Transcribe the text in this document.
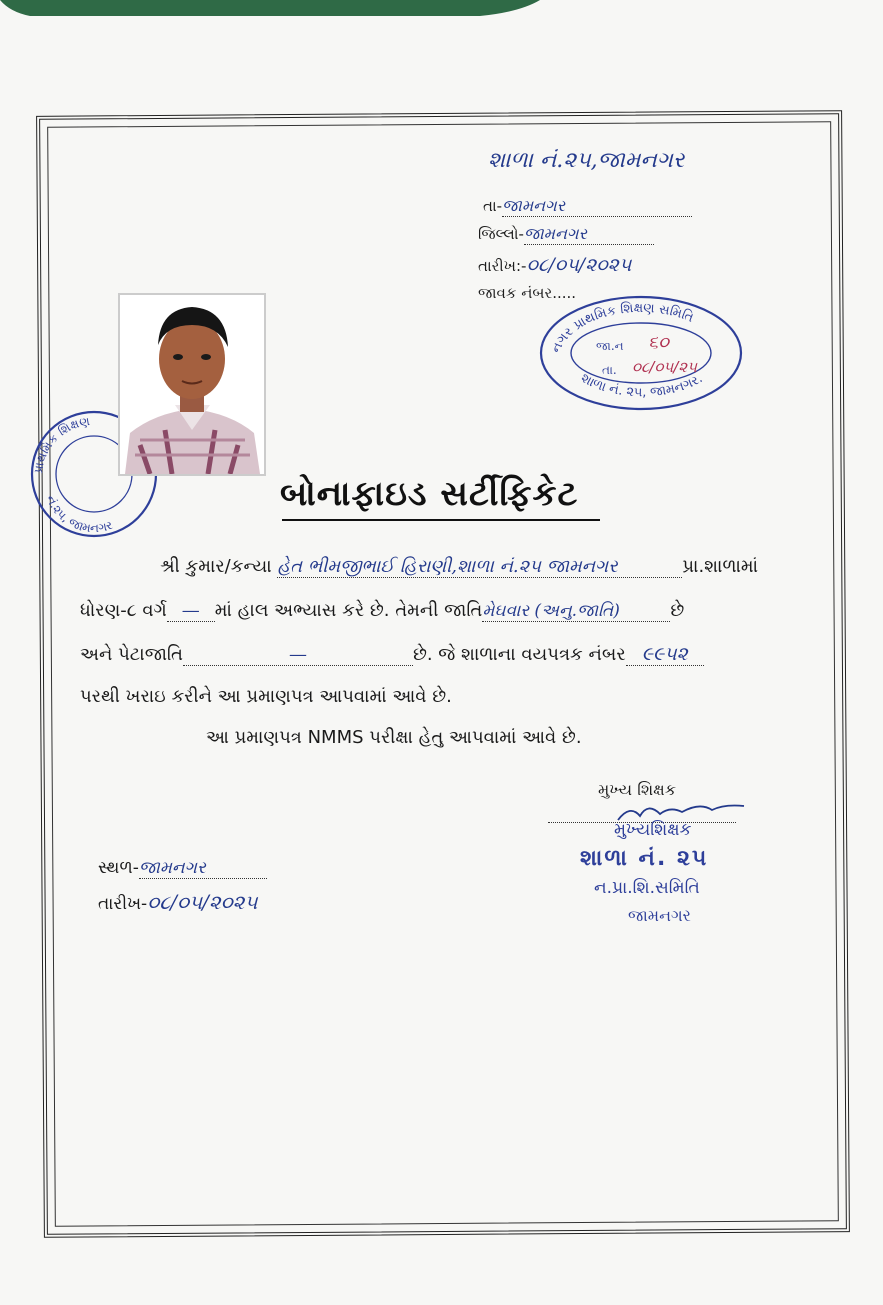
શાળા નં.૨૫,જામનગર
તા-જામનગર
જિલ્લો-જામનગર
તારીખ:-૦૮/૦૫/૨૦૨૫
જાવક નંબર.....
નગર પ્રાથમિક શિક્ષણ સમિતિ
શાળા નં. ૨૫, જામનગર.
જા.ન ૬૦
તા. ૦૮/૦૫/૨૫
પ્રાથમિક શિક્ષણ
નં.૨૫, જામનગર
બોનાફાઇડ સર્ટીફિકેટ
શ્રી કુમાર/કન્યા હેત ભીમજીભાઈ હિરાણી,શાળા નં.૨૫ જામનગર	પ્રા.શાળામાં
ધોરણ-૮ વર્ગ — માં હાલ અભ્યાસ કરે છે. તેમની જાતિમેઘવાર (અનુ.જાતિ)	છે
અને પેટાજાતિ	—	છે. જે શાળાના વયપત્રક નંબર ૯૯૫૨
પરથી ખરાઇ કરીને આ પ્રમાણપત્ર આપવામાં આવે છે.
આ પ્રમાણપત્ર NMMS પરીક્ષા હેતુ આપવામાં આવે છે.
મુખ્ય શિક્ષક
મુખ્યશિક્ષક
શાળા નં. ૨૫
ન.પ્રા.શિ.સમિતિ
જામનગર
સ્થળ-જામનગર
તારીખ-૦૮/૦૫/૨૦૨૫
